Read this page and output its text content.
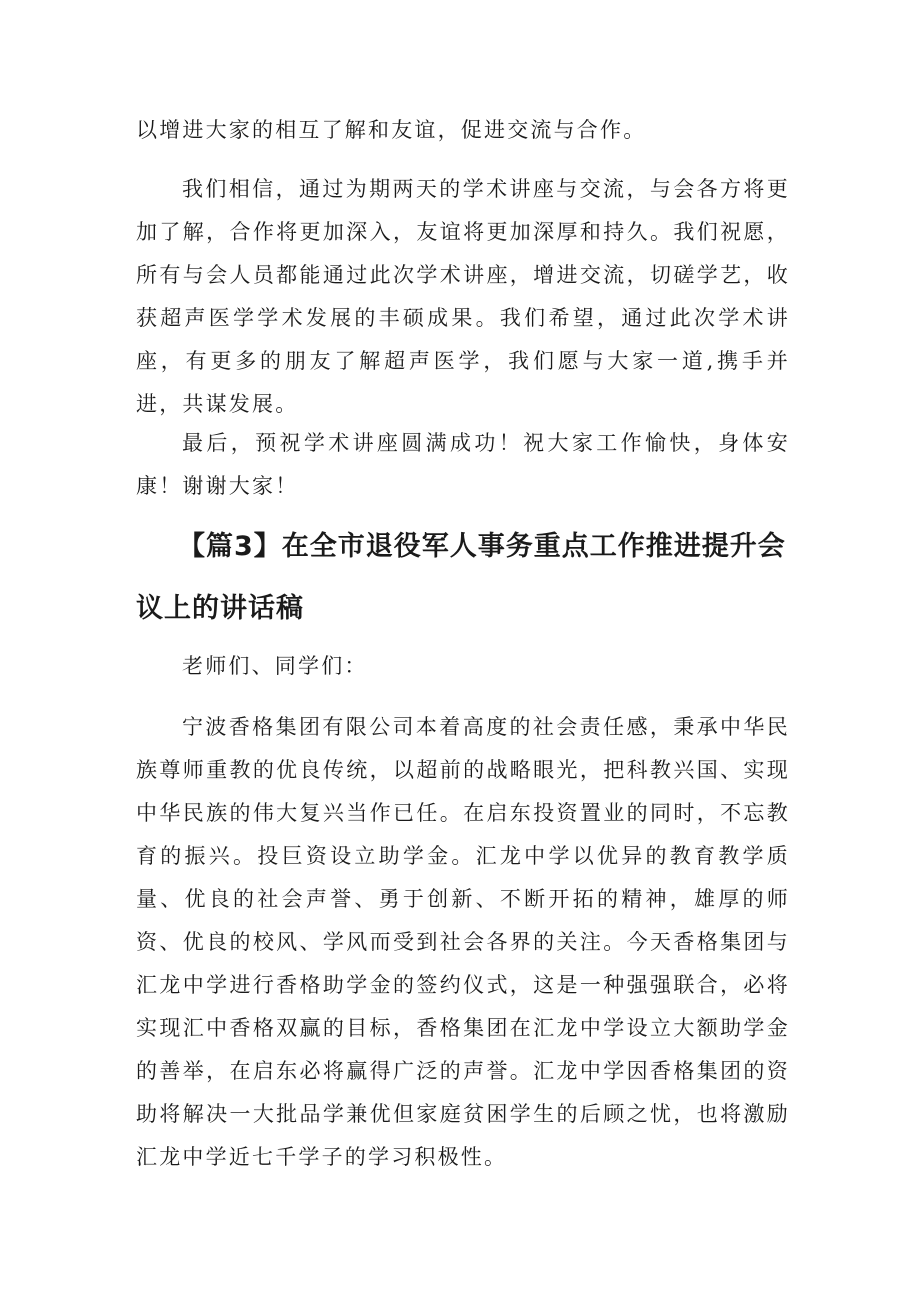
以增进大家的相互了解和友谊，促进交流与合作。

我们相信，通过为期两天的学术讲座与交流，与会各方将更加了解，合作将更加深入，友谊将更加深厚和持久。我们祝愿，所有与会人员都能通过此次学术讲座，增进交流，切磋学艺，收获超声医学学术发展的丰硕成果。我们希望，通过此次学术讲座，有更多的朋友了解超声医学，我们愿与大家一道,携手并进，共谋发展。

最后，预祝学术讲座圆满成功！祝大家工作愉快，身体安康！谢谢大家！

【篇3】在全市退役军人事务重点工作推进提升会议上的讲话稿

老师们、同学们：

宁波香格集团有限公司本着高度的社会责任感，秉承中华民族尊师重教的优良传统，以超前的战略眼光，把科教兴国、实现中华民族的伟大复兴当作已任。在启东投资置业的同时，不忘教育的振兴。投巨资设立助学金。汇龙中学以优异的教育教学质量、优良的社会声誉、勇于创新、不断开拓的精神，雄厚的师资、优良的校风、学风而受到社会各界的关注。今天香格集团与汇龙中学进行香格助学金的签约仪式，这是一种强强联合，必将实现汇中香格双赢的目标，香格集团在汇龙中学设立大额助学金的善举，在启东必将赢得广泛的声誉。汇龙中学因香格集团的资助将解决一大批品学兼优但家庭贫困学生的后顾之忧，也将激励汇龙中学近七千学子的学习积极性。
